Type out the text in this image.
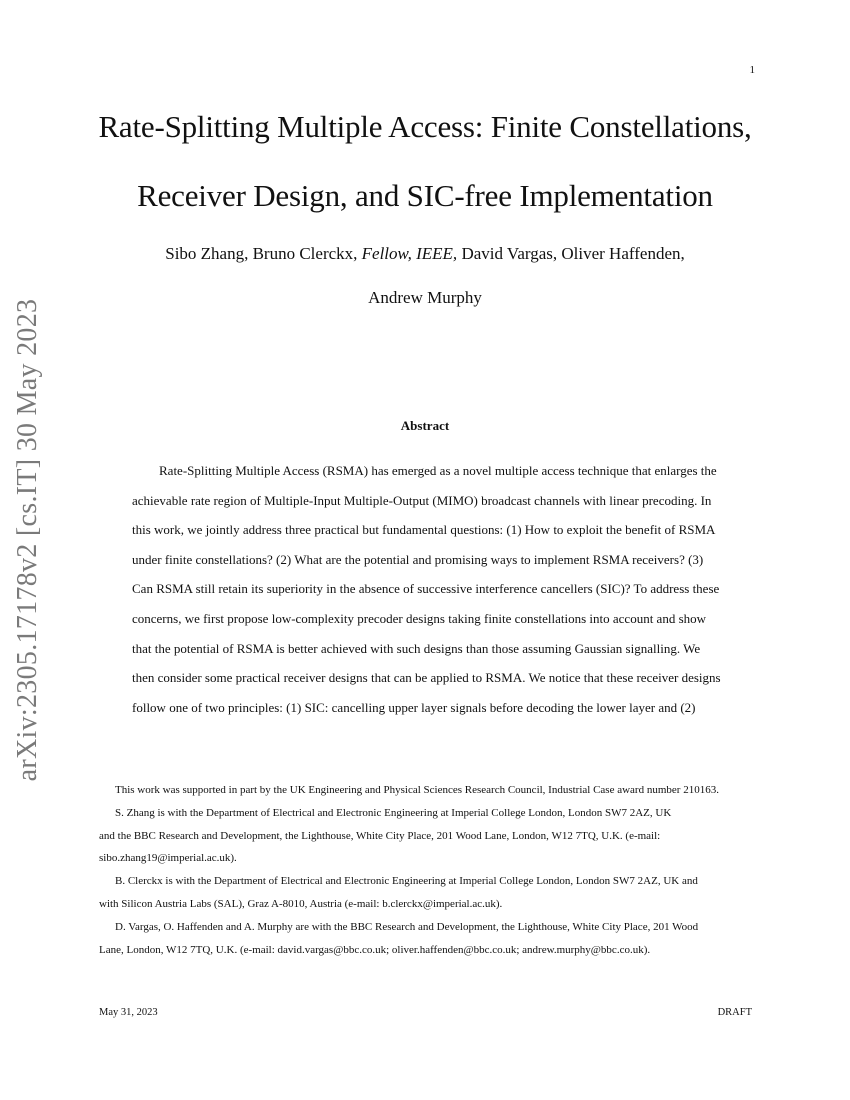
1
Rate-Splitting Multiple Access: Finite Constellations,
Receiver Design, and SIC-free Implementation
Sibo Zhang, Bruno Clerckx, Fellow, IEEE, David Vargas, Oliver Haffenden,
Andrew Murphy
arXiv:2305.17178v2 [cs.IT] 30 May 2023	Abstract
Rate-Splitting Multiple Access (RSMA) has emerged as a novel multiple access technique that enlarges the
achievable rate region of Multiple-Input Multiple-Output (MIMO) broadcast channels with linear precoding. In
this work, we jointly address three practical but fundamental questions: (1) How to exploit the benefit of RSMA
under finite constellations? (2) What are the potential and promising ways to implement RSMA receivers? (3)
Can RSMA still retain its superiority in the absence of successive interference cancellers (SIC)? To address these
concerns, we first propose low-complexity precoder designs taking finite constellations into account and show
that the potential of RSMA is better achieved with such designs than those assuming Gaussian signalling. We
then consider some practical receiver designs that can be applied to RSMA. We notice that these receiver designs
follow one of two principles: (1) SIC: cancelling upper layer signals before decoding the lower layer and (2)
This work was supported in part by the UK Engineering and Physical Sciences Research Council, Industrial Case award number 210163.
S. Zhang is with the Department of Electrical and Electronic Engineering at Imperial College London, London SW7 2AZ, UK
and the BBC Research and Development, the Lighthouse, White City Place, 201 Wood Lane, London, W12 7TQ, U.K. (e-mail:
sibo.zhang19@imperial.ac.uk).
B. Clerckx is with the Department of Electrical and Electronic Engineering at Imperial College London, London SW7 2AZ, UK and
with Silicon Austria Labs (SAL), Graz A-8010, Austria (e-mail: b.clerckx@imperial.ac.uk).
D. Vargas, O. Haffenden and A. Murphy are with the BBC Research and Development, the Lighthouse, White City Place, 201 Wood
Lane, London, W12 7TQ, U.K. (e-mail: david.vargas@bbc.co.uk; oliver.haffenden@bbc.co.uk; andrew.murphy@bbc.co.uk).
May 31, 2023	DRAFT
